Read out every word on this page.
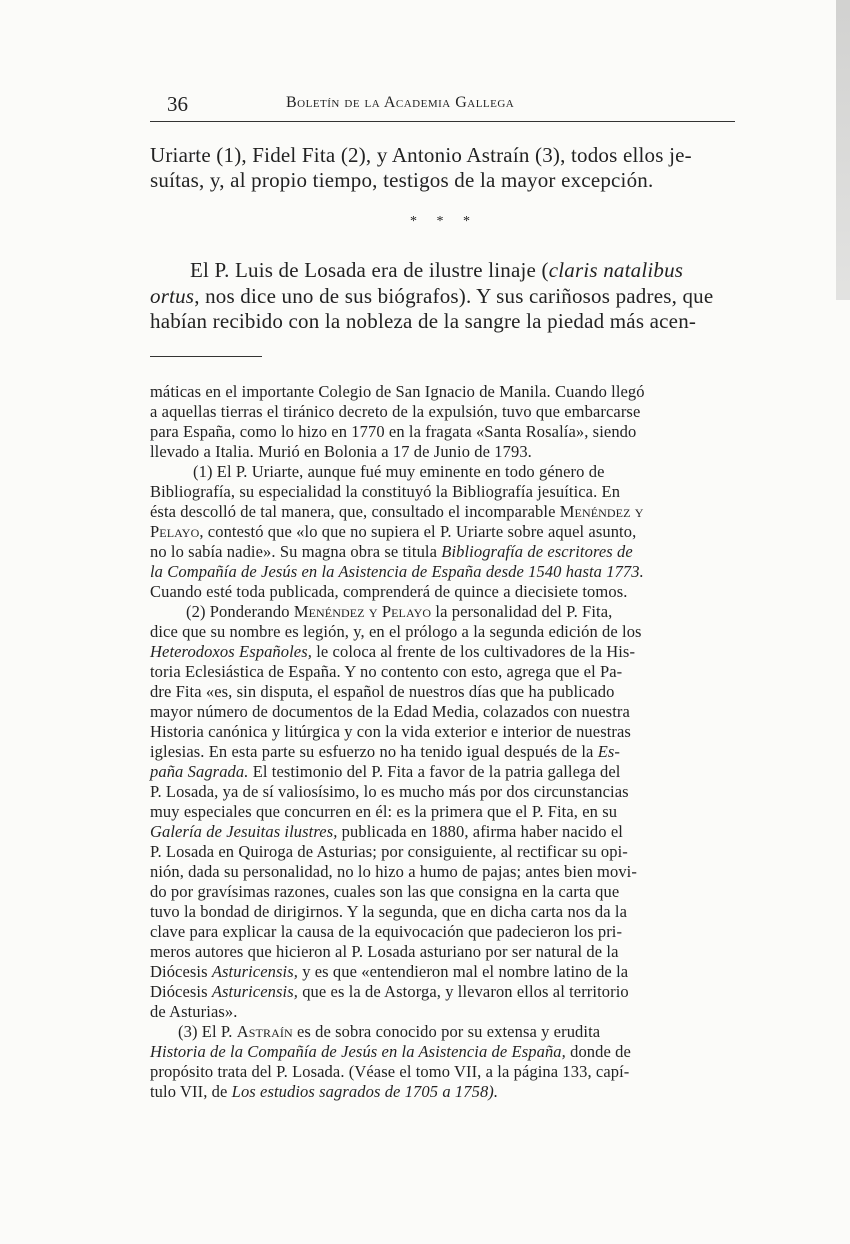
36	Boletín de la Academia Gallega

Uriarte (1), Fidel Fita (2), y Antonio Astraín (3), todos ellos je-

suítas, y, al propio tiempo, testigos de la mayor excepción.

* * *

El P. Luis de Losada era de ilustre linaje (claris natalibus

ortus, nos dice uno de sus biógrafos). Y sus cariñosos padres, que

habían recibido con la nobleza de la sangre la piedad más acen-

máticas en el importante Colegio de San Ignacio de Manila. Cuando llegó

a aquellas tierras el tiránico decreto de la expulsión, tuvo que embarcarse

para España, como lo hizo en 1770 en la fragata «Santa Rosalía», siendo

llevado a Italia. Murió en Bolonia a 17 de Junio de 1793.

(1) El P. Uriarte, aunque fué muy eminente en todo género de

Bibliografía, su especialidad la constituyó la Bibliografía jesuítica. En

ésta descolló de tal manera, que, consultado el incomparable Menéndez y

Pelayo, contestó que «lo que no supiera el P. Uriarte sobre aquel asunto,

no lo sabía nadie». Su magna obra se titula Bibliografía de escritores de

la Compañía de Jesús en la Asistencia de España desde 1540 hasta 1773.

Cuando esté toda publicada, comprenderá de quince a diecisiete tomos.

(2) Ponderando Menéndez y Pelayo la personalidad del P. Fita,

dice que su nombre es legión, y, en el prólogo a la segunda edición de los

Heterodoxos Españoles, le coloca al frente de los cultivadores de la His-

toria Eclesiástica de España. Y no contento con esto, agrega que el Pa-

dre Fita «es, sin disputa, el español de nuestros días que ha publicado

mayor número de documentos de la Edad Media, colazados con nuestra

Historia canónica y litúrgica y con la vida exterior e interior de nuestras

iglesias. En esta parte su esfuerzo no ha tenido igual después de la Es-

paña Sagrada. El testimonio del P. Fita a favor de la patria gallega del

P. Losada, ya de sí valiosísimo, lo es mucho más por dos circunstancias

muy especiales que concurren en él: es la primera que el P. Fita, en su

Galería de Jesuitas ilustres, publicada en 1880, afirma haber nacido el

P. Losada en Quiroga de Asturias; por consiguiente, al rectificar su opi-

nión, dada su personalidad, no lo hizo a humo de pajas; antes bien movi-

do por gravísimas razones, cuales son las que consigna en la carta que

tuvo la bondad de dirigirnos. Y la segunda, que en dicha carta nos da la

clave para explicar la causa de la equivocación que padecieron los pri-

meros autores que hicieron al P. Losada asturiano por ser natural de la

Diócesis Asturicensis, y es que «entendieron mal el nombre latino de la

Diócesis Asturicensis, que es la de Astorga, y llevaron ellos al territorio

de Asturias».

(3) El P. Astraín es de sobra conocido por su extensa y erudita

Historia de la Compañía de Jesús en la Asistencia de España, donde de

propósito trata del P. Losada. (Véase el tomo VII, a la página 133, capí-

tulo VII, de Los estudios sagrados de 1705 a 1758).
